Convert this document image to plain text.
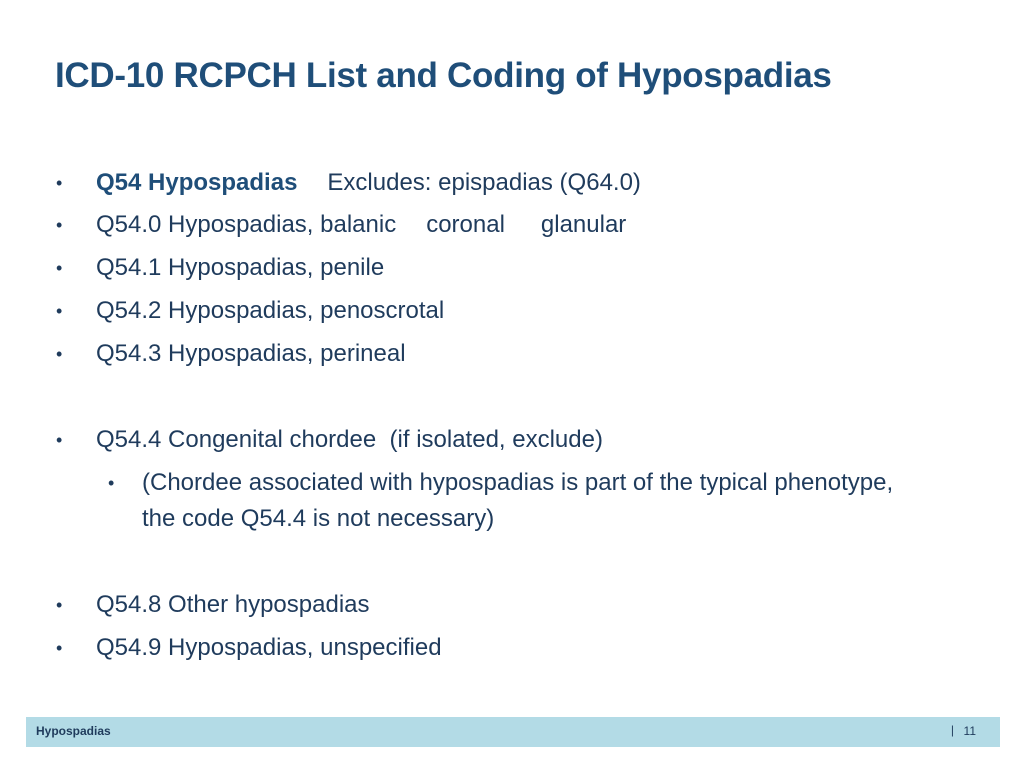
ICD-10 RCPCH List and Coding of Hypospadias
• Q54 Hypospadias Excludes: epispadias (Q64.0)
• Q54.0 Hypospadias, balanic coronal glanular
• Q54.1 Hypospadias, penile
• Q54.2 Hypospadias, penoscrotal
• Q54.3 Hypospadias, perineal
• Q54.4 Congenital chordee  (if isolated, exclude)
• (Chordee associated with hypospadias is part of the typical phenotype, the code Q54.4 is not necessary)
• Q54.8 Other hypospadias
• Q54.9 Hypospadias, unspecified
Hypospadias	| 11
